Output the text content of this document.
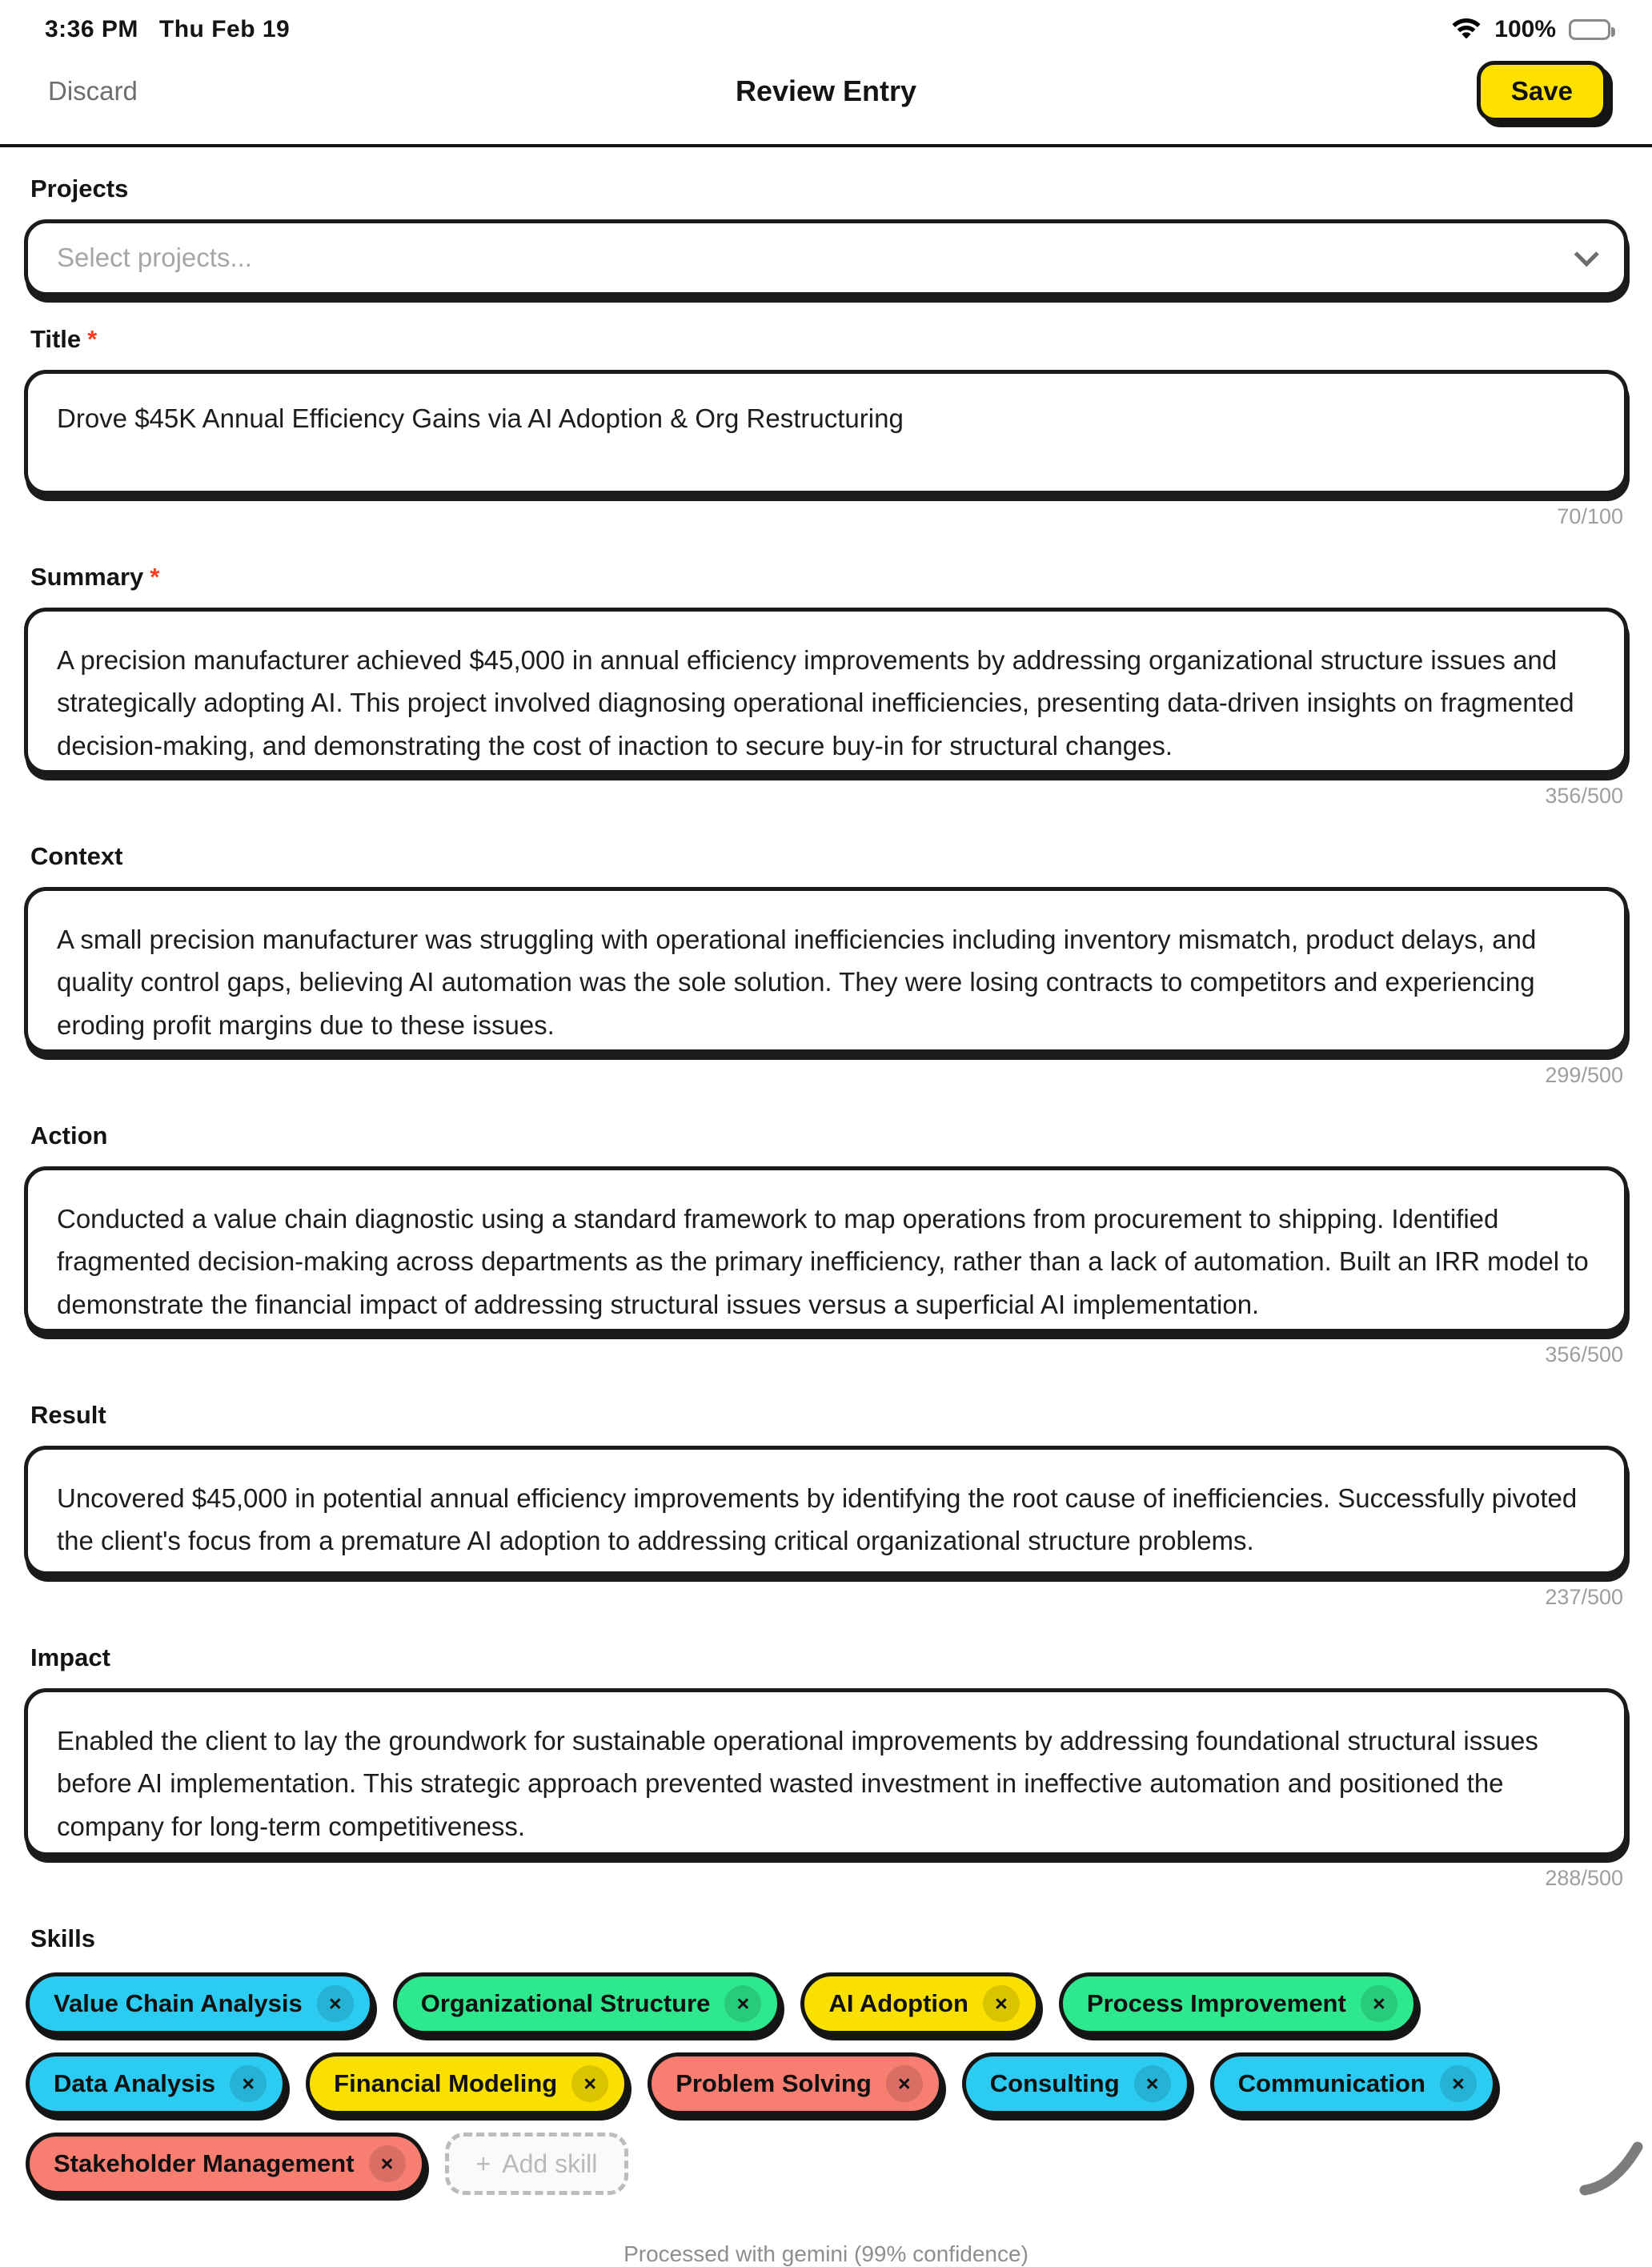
3:36 PM Thu Feb 19	100%
Discard	Review Entry	Save
Projects
Select projects...
Title *
Drove $45K Annual Efficiency Gains via AI Adoption & Org Restructuring
70/100
Summary *
A precision manufacturer achieved $45,000 in annual efficiency improvements by addressing organizational structure issues and strategically adopting AI. This project involved diagnosing operational inefficiencies, presenting data-driven insights on fragmented decision-making, and demonstrating the cost of inaction to secure buy-in for structural changes.
356/500
Context
A small precision manufacturer was struggling with operational inefficiencies including inventory mismatch, product delays, and quality control gaps, believing AI automation was the sole solution. They were losing contracts to competitors and experiencing eroding profit margins due to these issues.
299/500
Action
Conducted a value chain diagnostic using a standard framework to map operations from procurement to shipping. Identified fragmented decision-making across departments as the primary inefficiency, rather than a lack of automation. Built an IRR model to demonstrate the financial impact of addressing structural issues versus a superficial AI implementation.
356/500
Result
Uncovered $45,000 in potential annual efficiency improvements by identifying the root cause of inefficiencies. Successfully pivoted the client's focus from a premature AI adoption to addressing critical organizational structure problems.
237/500
Impact
Enabled the client to lay the groundwork for sustainable operational improvements by addressing foundational structural issues before AI implementation. This strategic approach prevented wasted investment in ineffective automation and positioned the company for long-term competitiveness.
288/500
Skills
Value Chain Analysis	×	Organizational Structure	×	AI Adoption	×	Process Improvement	×
Data Analysis	×	Financial Modeling	×	Problem Solving	×	Consulting	×	Communication	×
Stakeholder Management	×	+ Add skill
Processed with gemini (99% confidence)
